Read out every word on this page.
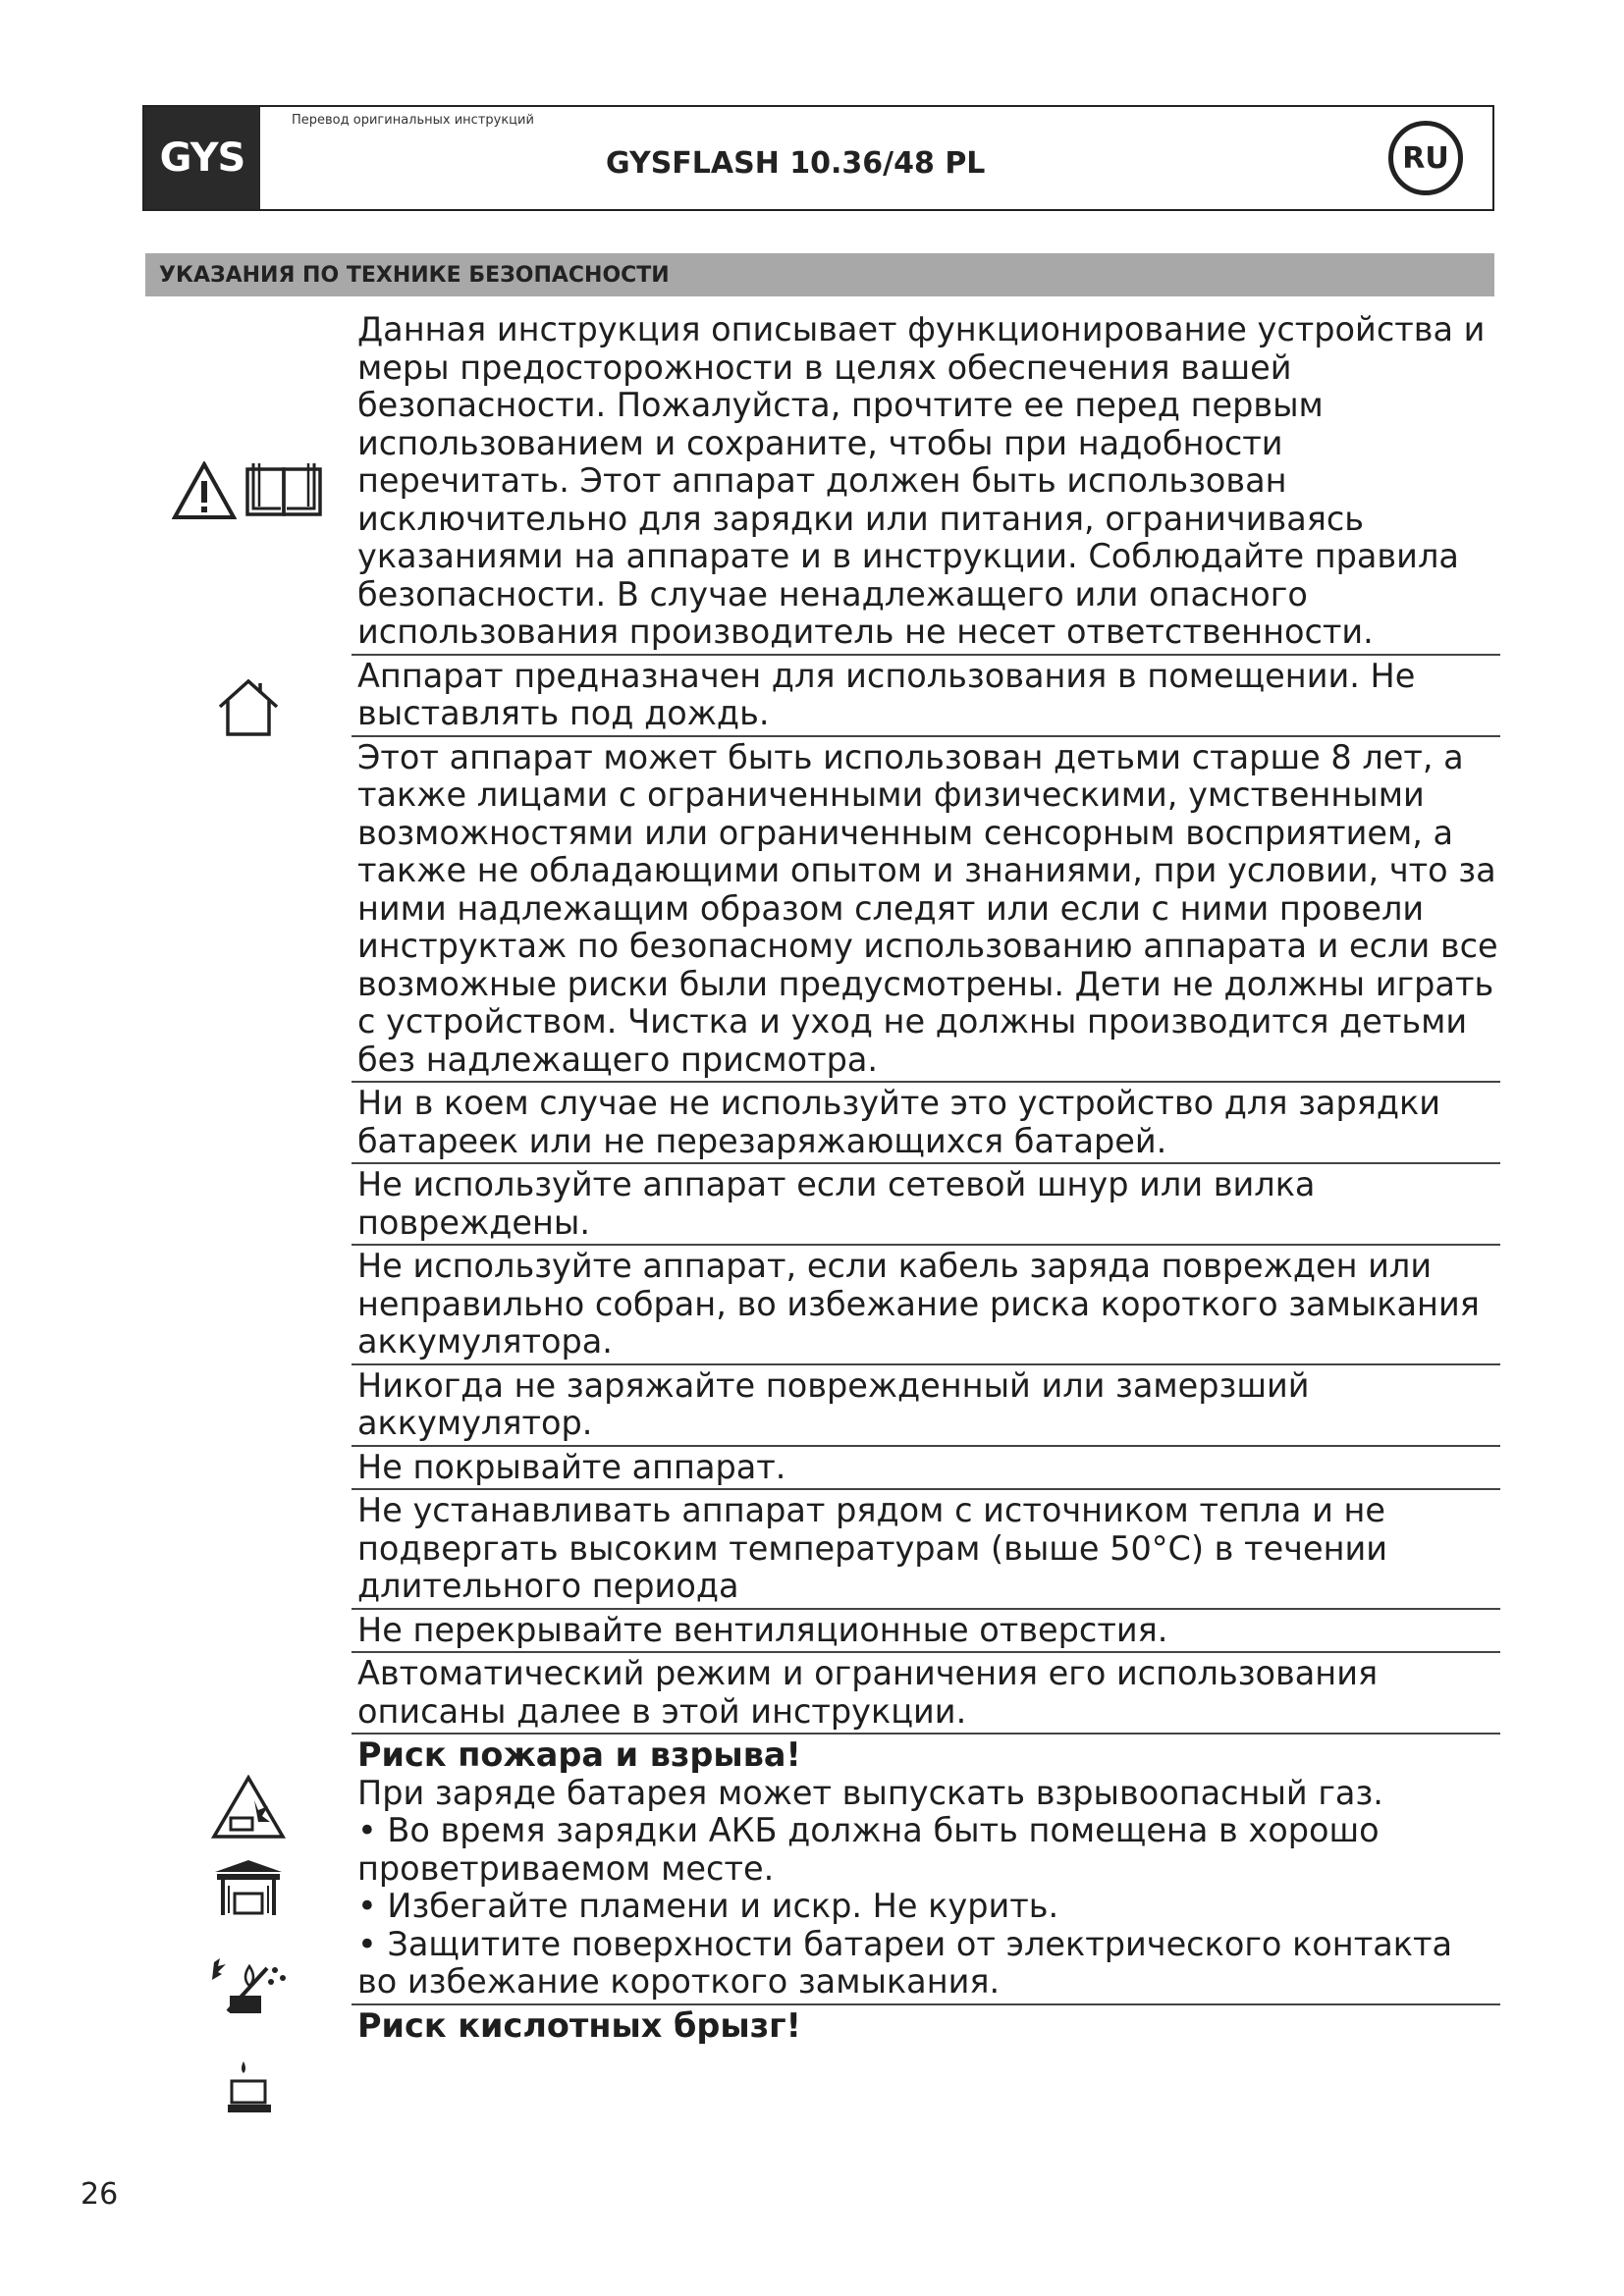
GYS
Перевод оригинальных инструкций
GYSFLASH 10.36/48 PL	RU
УКАЗАНИЯ ПО ТЕХНИКЕ БЕЗОПАСНОСТИ
Данная инструкция описывает функционирование устройства и меры предосторожности в целях обеспечения вашей безопасности. Пожалуйста, прочтите ее перед первым использованием и сохраните, чтобы при надобности перечитать. Этот аппарат должен быть использован исключительно для зарядки или питания, ограничиваясь указаниями на аппарате и в инструкции. Соблюдайте правила безопасности. В случае ненадлежащего или опасного использования производитель не несет ответственности.
Аппарат предназначен для использования в помещении. Не выставлять под дождь.
Этот аппарат может быть использован детьми старше 8 лет, а также лицами с ограниченными физическими, умственными возможностями или ограниченным сенсорным восприятием, а также не обладающими опытом и знаниями, при условии, что за ними надлежащим образом следят или если с ними провели инструктаж по безопасному использованию аппарата и если все возможные риски были предусмотрены. Дети не должны играть с устройством. Чистка и уход не должны производится детьми без надлежащего присмотра.
Ни в коем случае не используйте это устройство для зарядки батареек или не перезаряжающихся батарей.
Не используйте аппарат если сетевой шнур или вилка повреждены.
Не используйте аппарат, если кабель заряда поврежден или неправильно собран, во избежание риска короткого замыкания аккумулятора.
Никогда не заряжайте поврежденный или замерзший аккумулятор.
Не покрывайте аппарат.
Не устанавливать аппарат рядом с источником тепла и не подвергать высоким температурам (выше 50°C) в течении длительного периода
Не перекрывайте вентиляционные отверстия.
Автоматический режим и ограничения его использования описаны далее в этой инструкции.
Риск пожара и взрыва!
При заряде батарея может выпускать взрывоопасный газ.
• Во время зарядки АКБ должна быть помещена в хорошо проветриваемом месте.
• Избегайте пламени и искр. Не курить.
• Защитите поверхности батареи от электрического контакта во избежание короткого замыкания.
Риск кислотных брызг!
26
